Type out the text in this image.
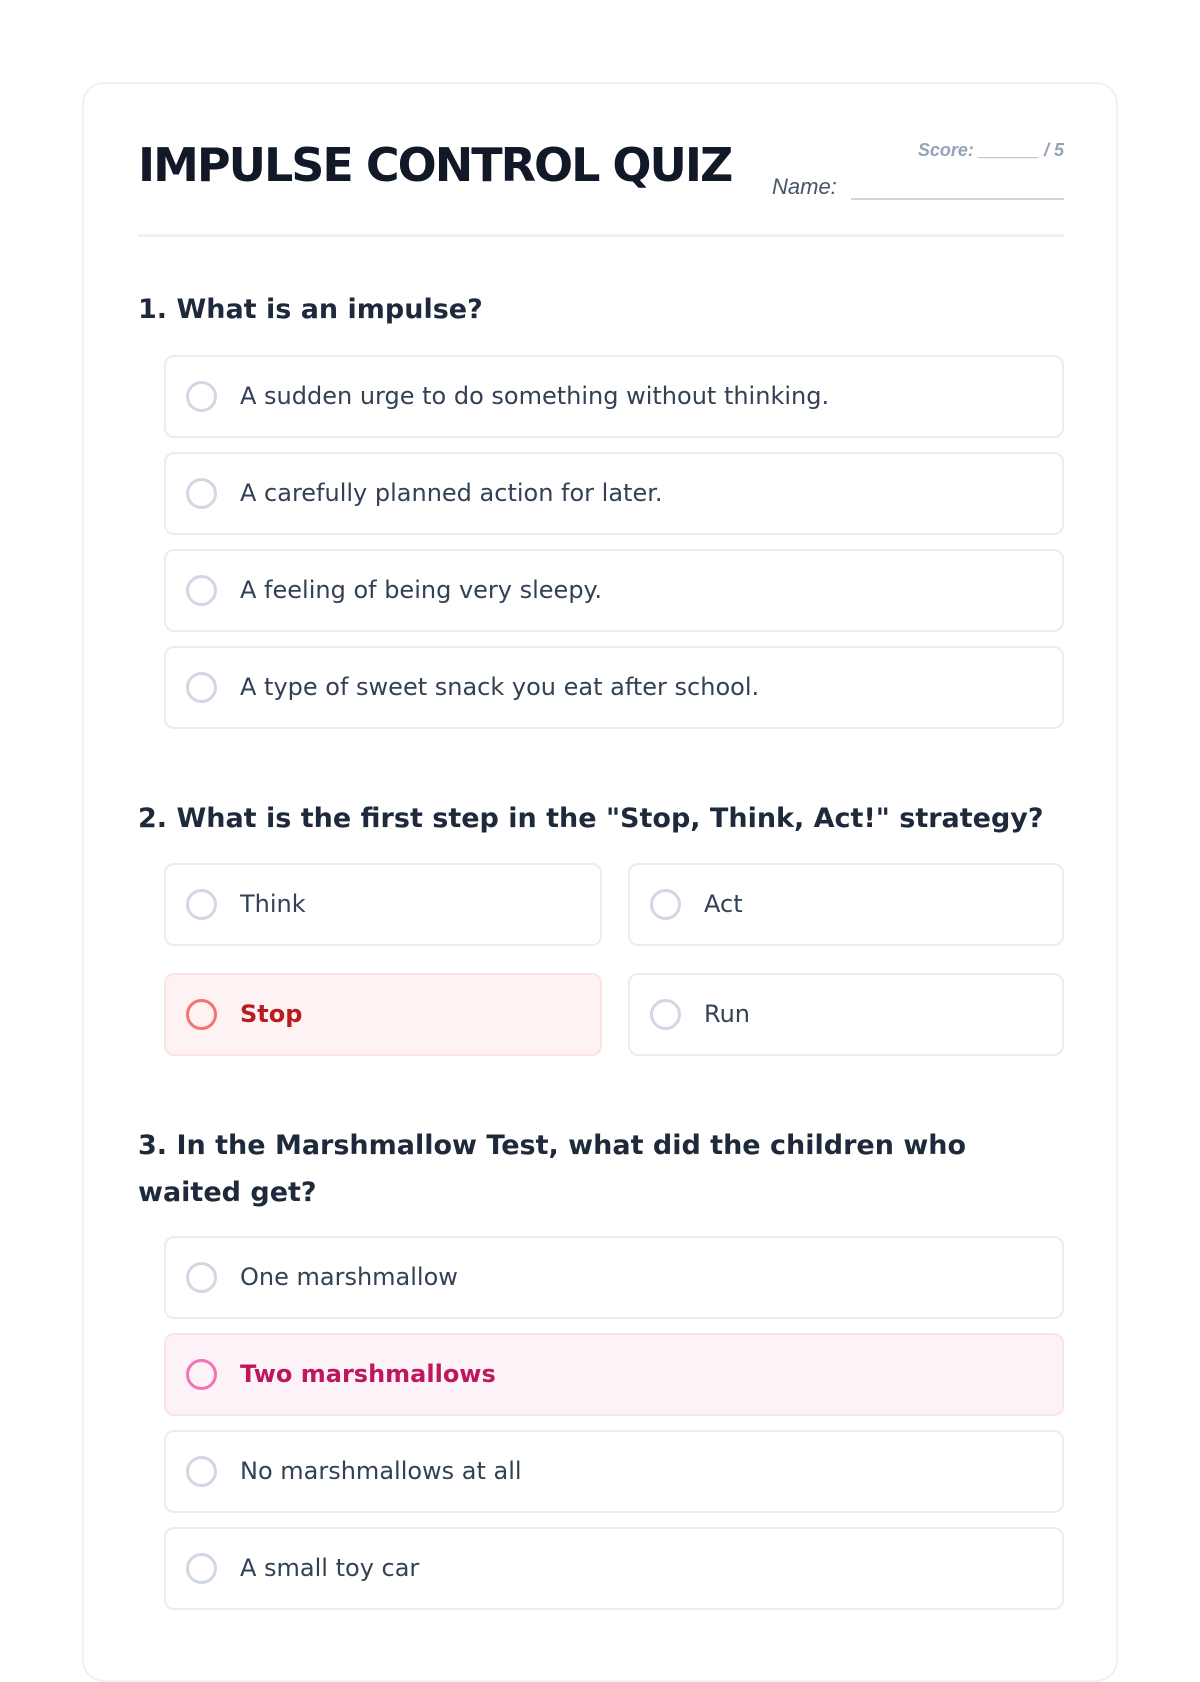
IMPULSE CONTROL QUIZ	Score: ______ / 5
Name:
1. What is an impulse?
A sudden urge to do something without thinking.
A carefully planned action for later.
A feeling of being very sleepy.
A type of sweet snack you eat after school.
2. What is the first step in the "Stop, Think, Act!" strategy?
Think	Act
Stop	Run
3. In the Marshmallow Test, what did the children who waited get?
One marshmallow
Two marshmallows
No marshmallows at all
A small toy car
